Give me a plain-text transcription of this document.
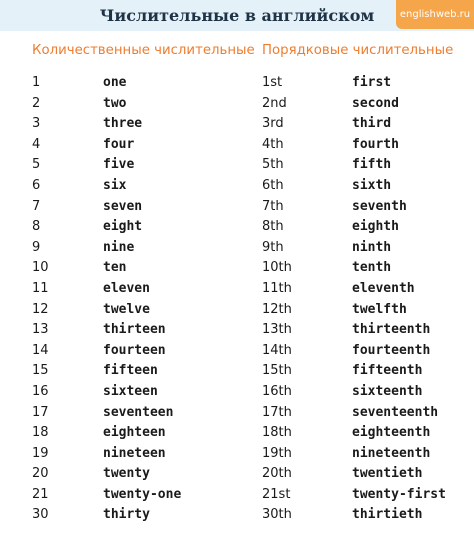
Числительные в английском	englishweb.ru
Количественные числительные Порядковые числительные
1	one	1st	first
2	two	2nd	second
3	three	3rd	third
4	four	4th	fourth
5	five	5th	fifth
6	six	6th	sixth
7	seven	7th	seventh
8	eight	8th	eighth
9	nine	9th	ninth
10	ten	10th	tenth
11	eleven	11th	eleventh
12	twelve	12th	twelfth
13	thirteen	13th	thirteenth
14	fourteen	14th	fourteenth
15	fifteen	15th	fifteenth
16	sixteen	16th	sixteenth
17	seventeen	17th	seventeenth
18	eighteen	18th	eighteenth
19	nineteen	19th	nineteenth
20	twenty	20th	twentieth
21	twenty-one	21st	twenty-first
30	thirty	30th	thirtieth
